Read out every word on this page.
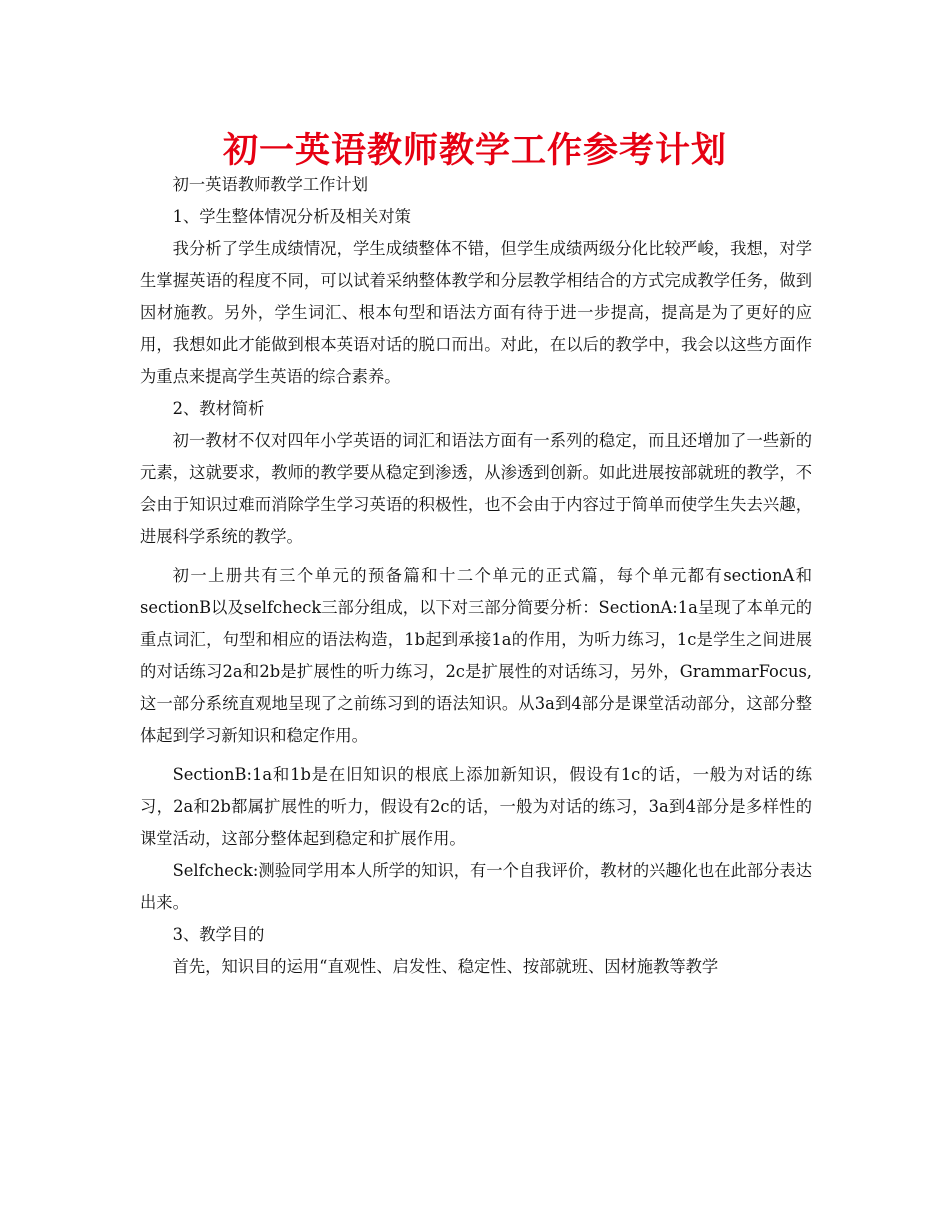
初一英语教师教学工作参考计划

初一英语教师教学工作计划

1、学生整体情况分析及相关对策

我分析了学生成绩情况，学生成绩整体不错，但学生成绩两级分化比较严峻，我想，对学生掌握英语的程度不同，可以试着采纳整体教学和分层教学相结合的方式完成教学任务，做到因材施教。另外，学生词汇、根本句型和语法方面有待于进一步提高，提高是为了更好的应用，我想如此才能做到根本英语对话的脱口而出。对此，在以后的教学中，我会以这些方面作为重点来提高学生英语的综合素养。

2、教材简析

初一教材不仅对四年小学英语的词汇和语法方面有一系列的稳定，而且还增加了一些新的元素，这就要求，教师的教学要从稳定到渗透，从渗透到创新。如此进展按部就班的教学，不会由于知识过难而消除学生学习英语的积极性，也不会由于内容过于简单而使学生失去兴趣，进展科学系统的教学。

初一上册共有三个单元的预备篇和十二个单元的正式篇，每个单元都有sectionA和sectionB以及selfcheck三部分组成，以下对三部分简要分析：SectionA:1a呈现了本单元的重点词汇，句型和相应的语法构造，1b起到承接1a的作用，为听力练习，1c是学生之间进展的对话练习2a和2b是扩展性的听力练习，2c是扩展性的对话练习，另外，GrammarFocus,这一部分系统直观地呈现了之前练习到的语法知识。从3a到4部分是课堂活动部分，这部分整体起到学习新知识和稳定作用。

SectionB:1a和1b是在旧知识的根底上添加新知识，假设有1c的话，一般为对话的练习，2a和2b都属扩展性的听力，假设有2c的话，一般为对话的练习，3a到4部分是多样性的课堂活动，这部分整体起到稳定和扩展作用。

Selfcheck:测验同学用本人所学的知识，有一个自我评价，教材的兴趣化也在此部分表达出来。

3、教学目的

首先，知识目的运用“直观性、启发性、稳定性、按部就班、因材施教等教学
